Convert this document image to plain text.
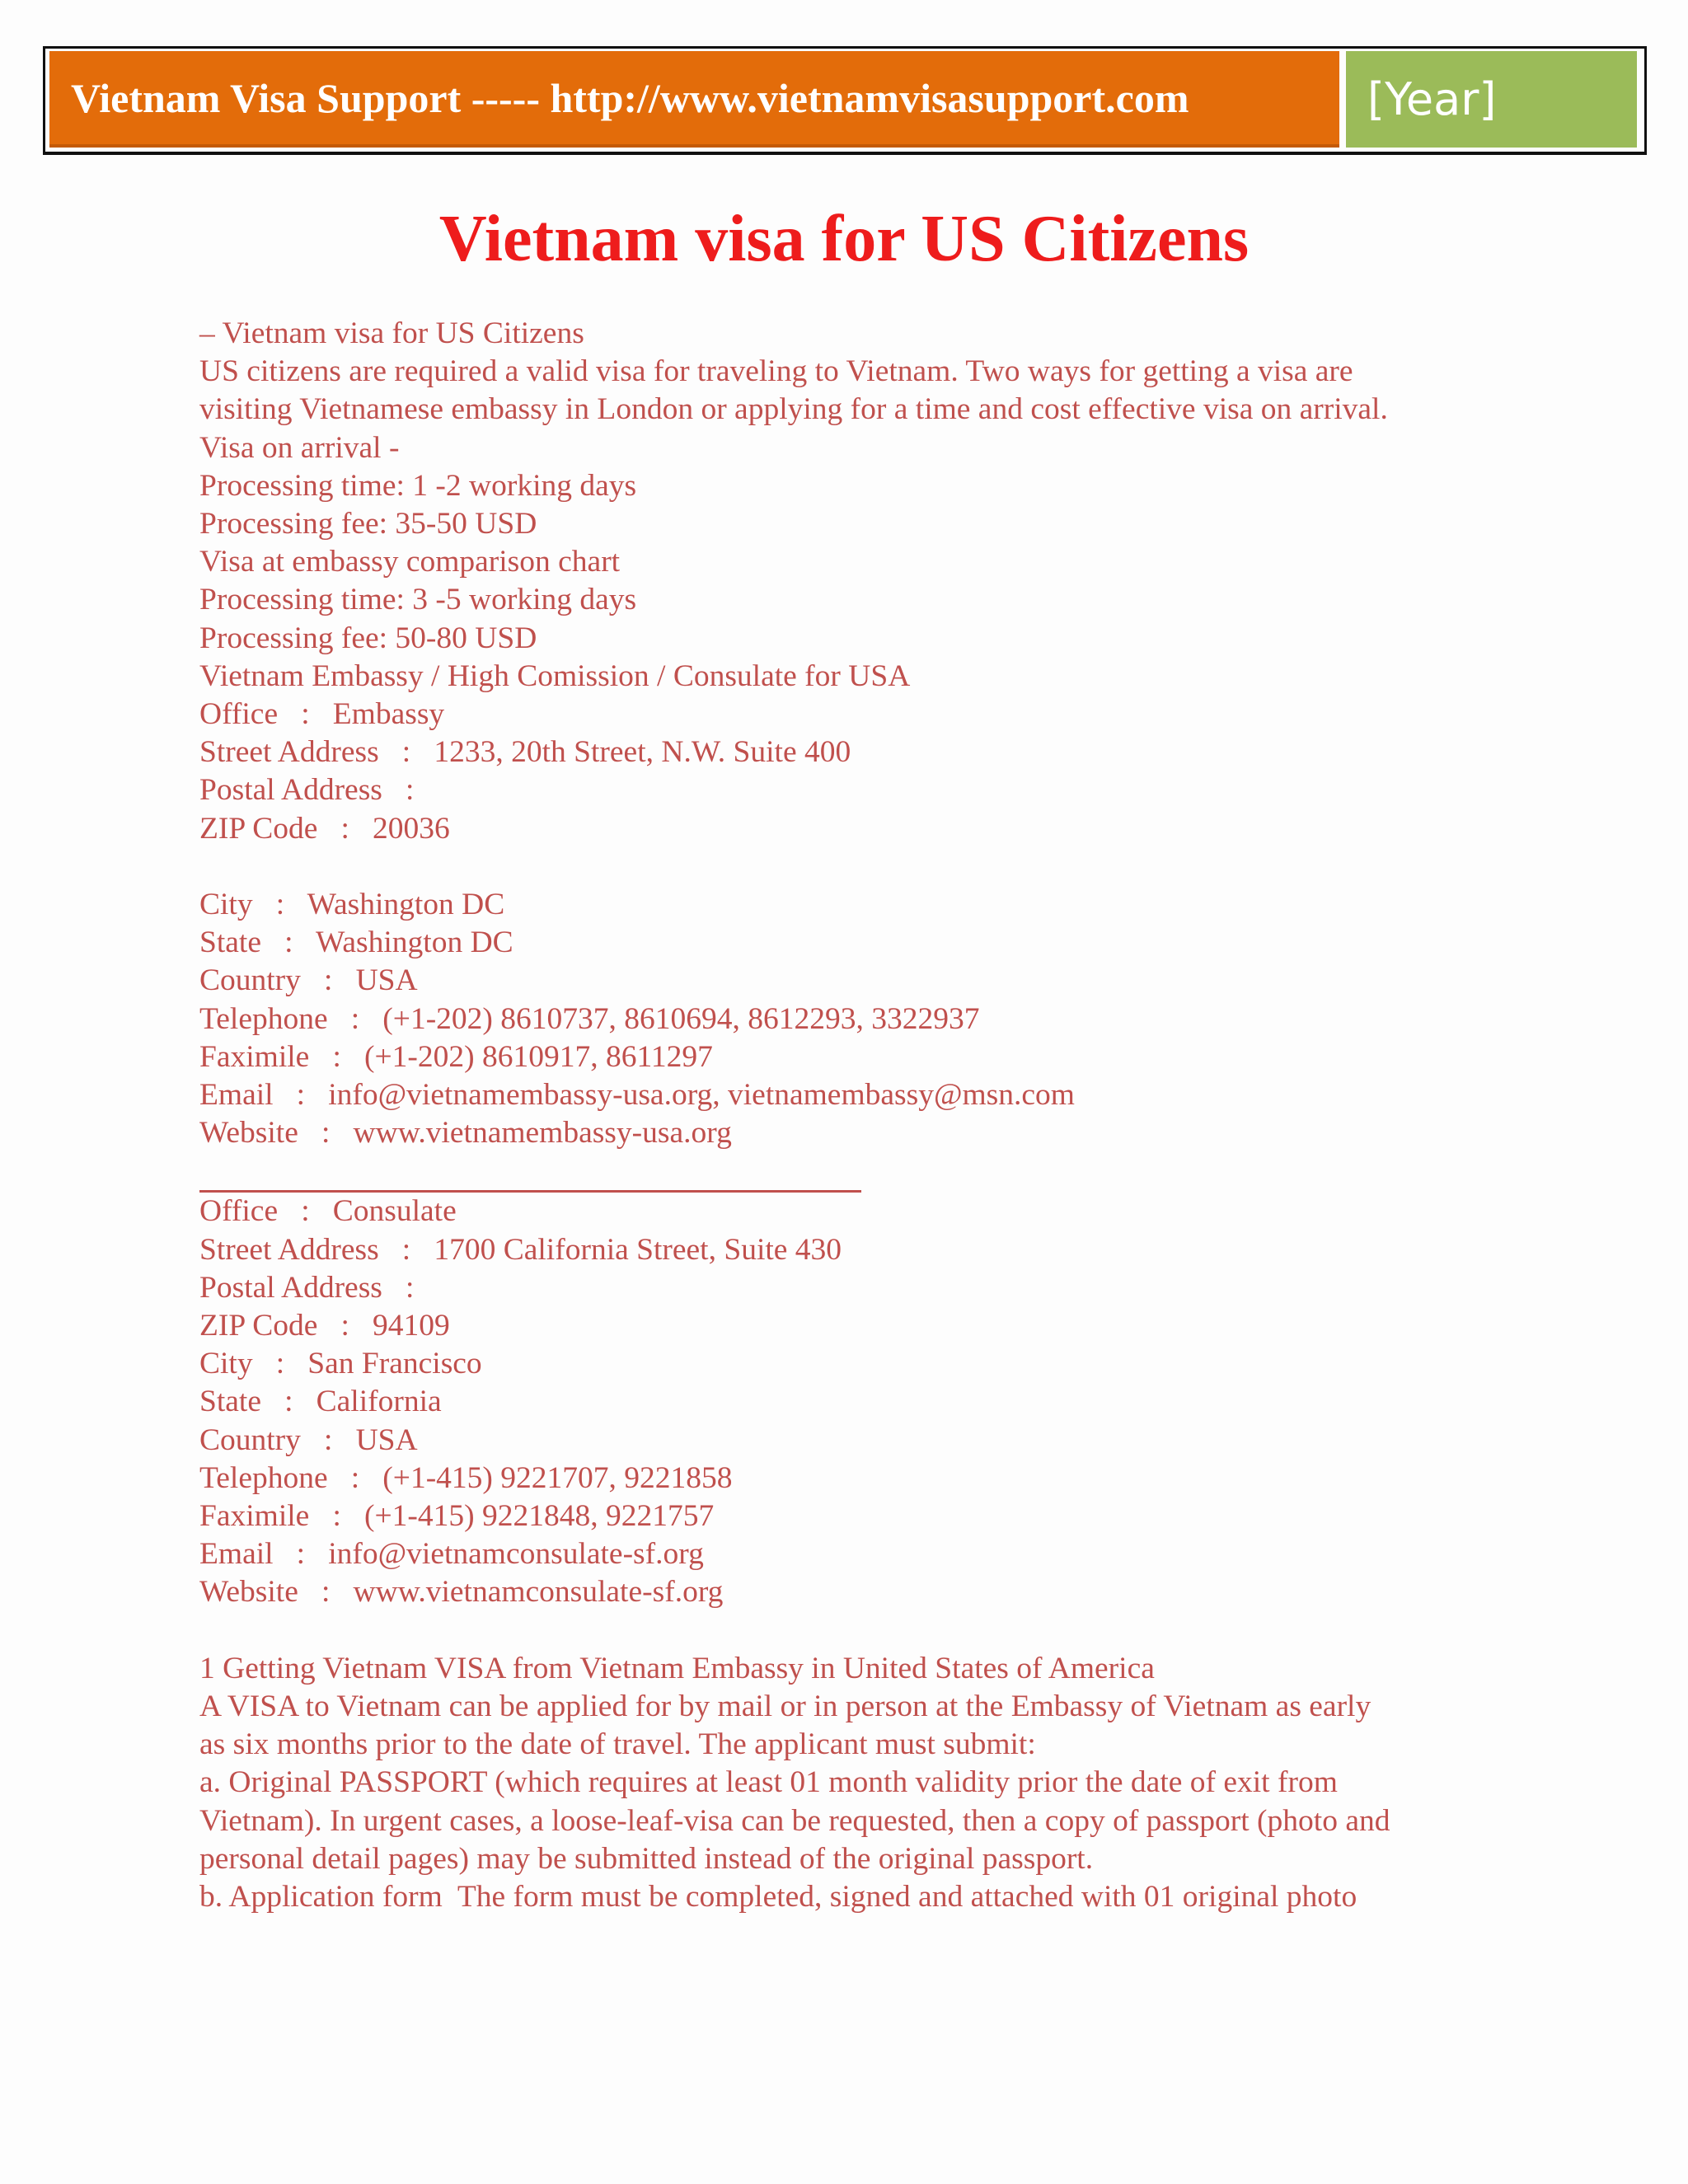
Vietnam Visa Support ----- http://www.vietnamvisasupport.com	[Year]
Vietnam visa for US Citizens
– Vietnam visa for US Citizens
US citizens are required a valid visa for traveling to Vietnam. Two ways for getting a visa are
visiting Vietnamese embassy in London or applying for a time and cost effective visa on arrival.
Visa on arrival -
Processing time: 1 -2 working days
Processing fee: 35-50 USD
Visa at embassy comparison chart
Processing time: 3 -5 working days
Processing fee: 50-80 USD
Vietnam Embassy / High Comission / Consulate for USA
Office   :   Embassy
Street Address   :   1233, 20th Street, N.W. Suite 400
Postal Address   :
ZIP Code   :   20036
City   :   Washington DC
State   :   Washington DC
Country   :   USA
Telephone   :   (+1-202) 8610737, 8610694, 8612293, 3322937
Faximile   :   (+1-202) 8610917, 8611297
Email   :   info@vietnamembassy-usa.org, vietnamembassy@msn.com
Website   :   www.vietnamembassy-usa.org
Office   :   Consulate
Street Address   :   1700 California Street, Suite 430
Postal Address   :
ZIP Code   :   94109
City   :   San Francisco
State   :   California
Country   :   USA
Telephone   :   (+1-415) 9221707, 9221858
Faximile   :   (+1-415) 9221848, 9221757
Email   :   info@vietnamconsulate-sf.org
Website   :   www.vietnamconsulate-sf.org
1 Getting Vietnam VISA from Vietnam Embassy in United States of America
A VISA to Vietnam can be applied for by mail or in person at the Embassy of Vietnam as early
as six months prior to the date of travel. The applicant must submit:
a. Original PASSPORT (which requires at least 01 month validity prior the date of exit from
Vietnam). In urgent cases, a loose-leaf-visa can be requested, then a copy of passport (photo and
personal detail pages) may be submitted instead of the original passport.
b. Application form  The form must be completed, signed and attached with 01 original photo
